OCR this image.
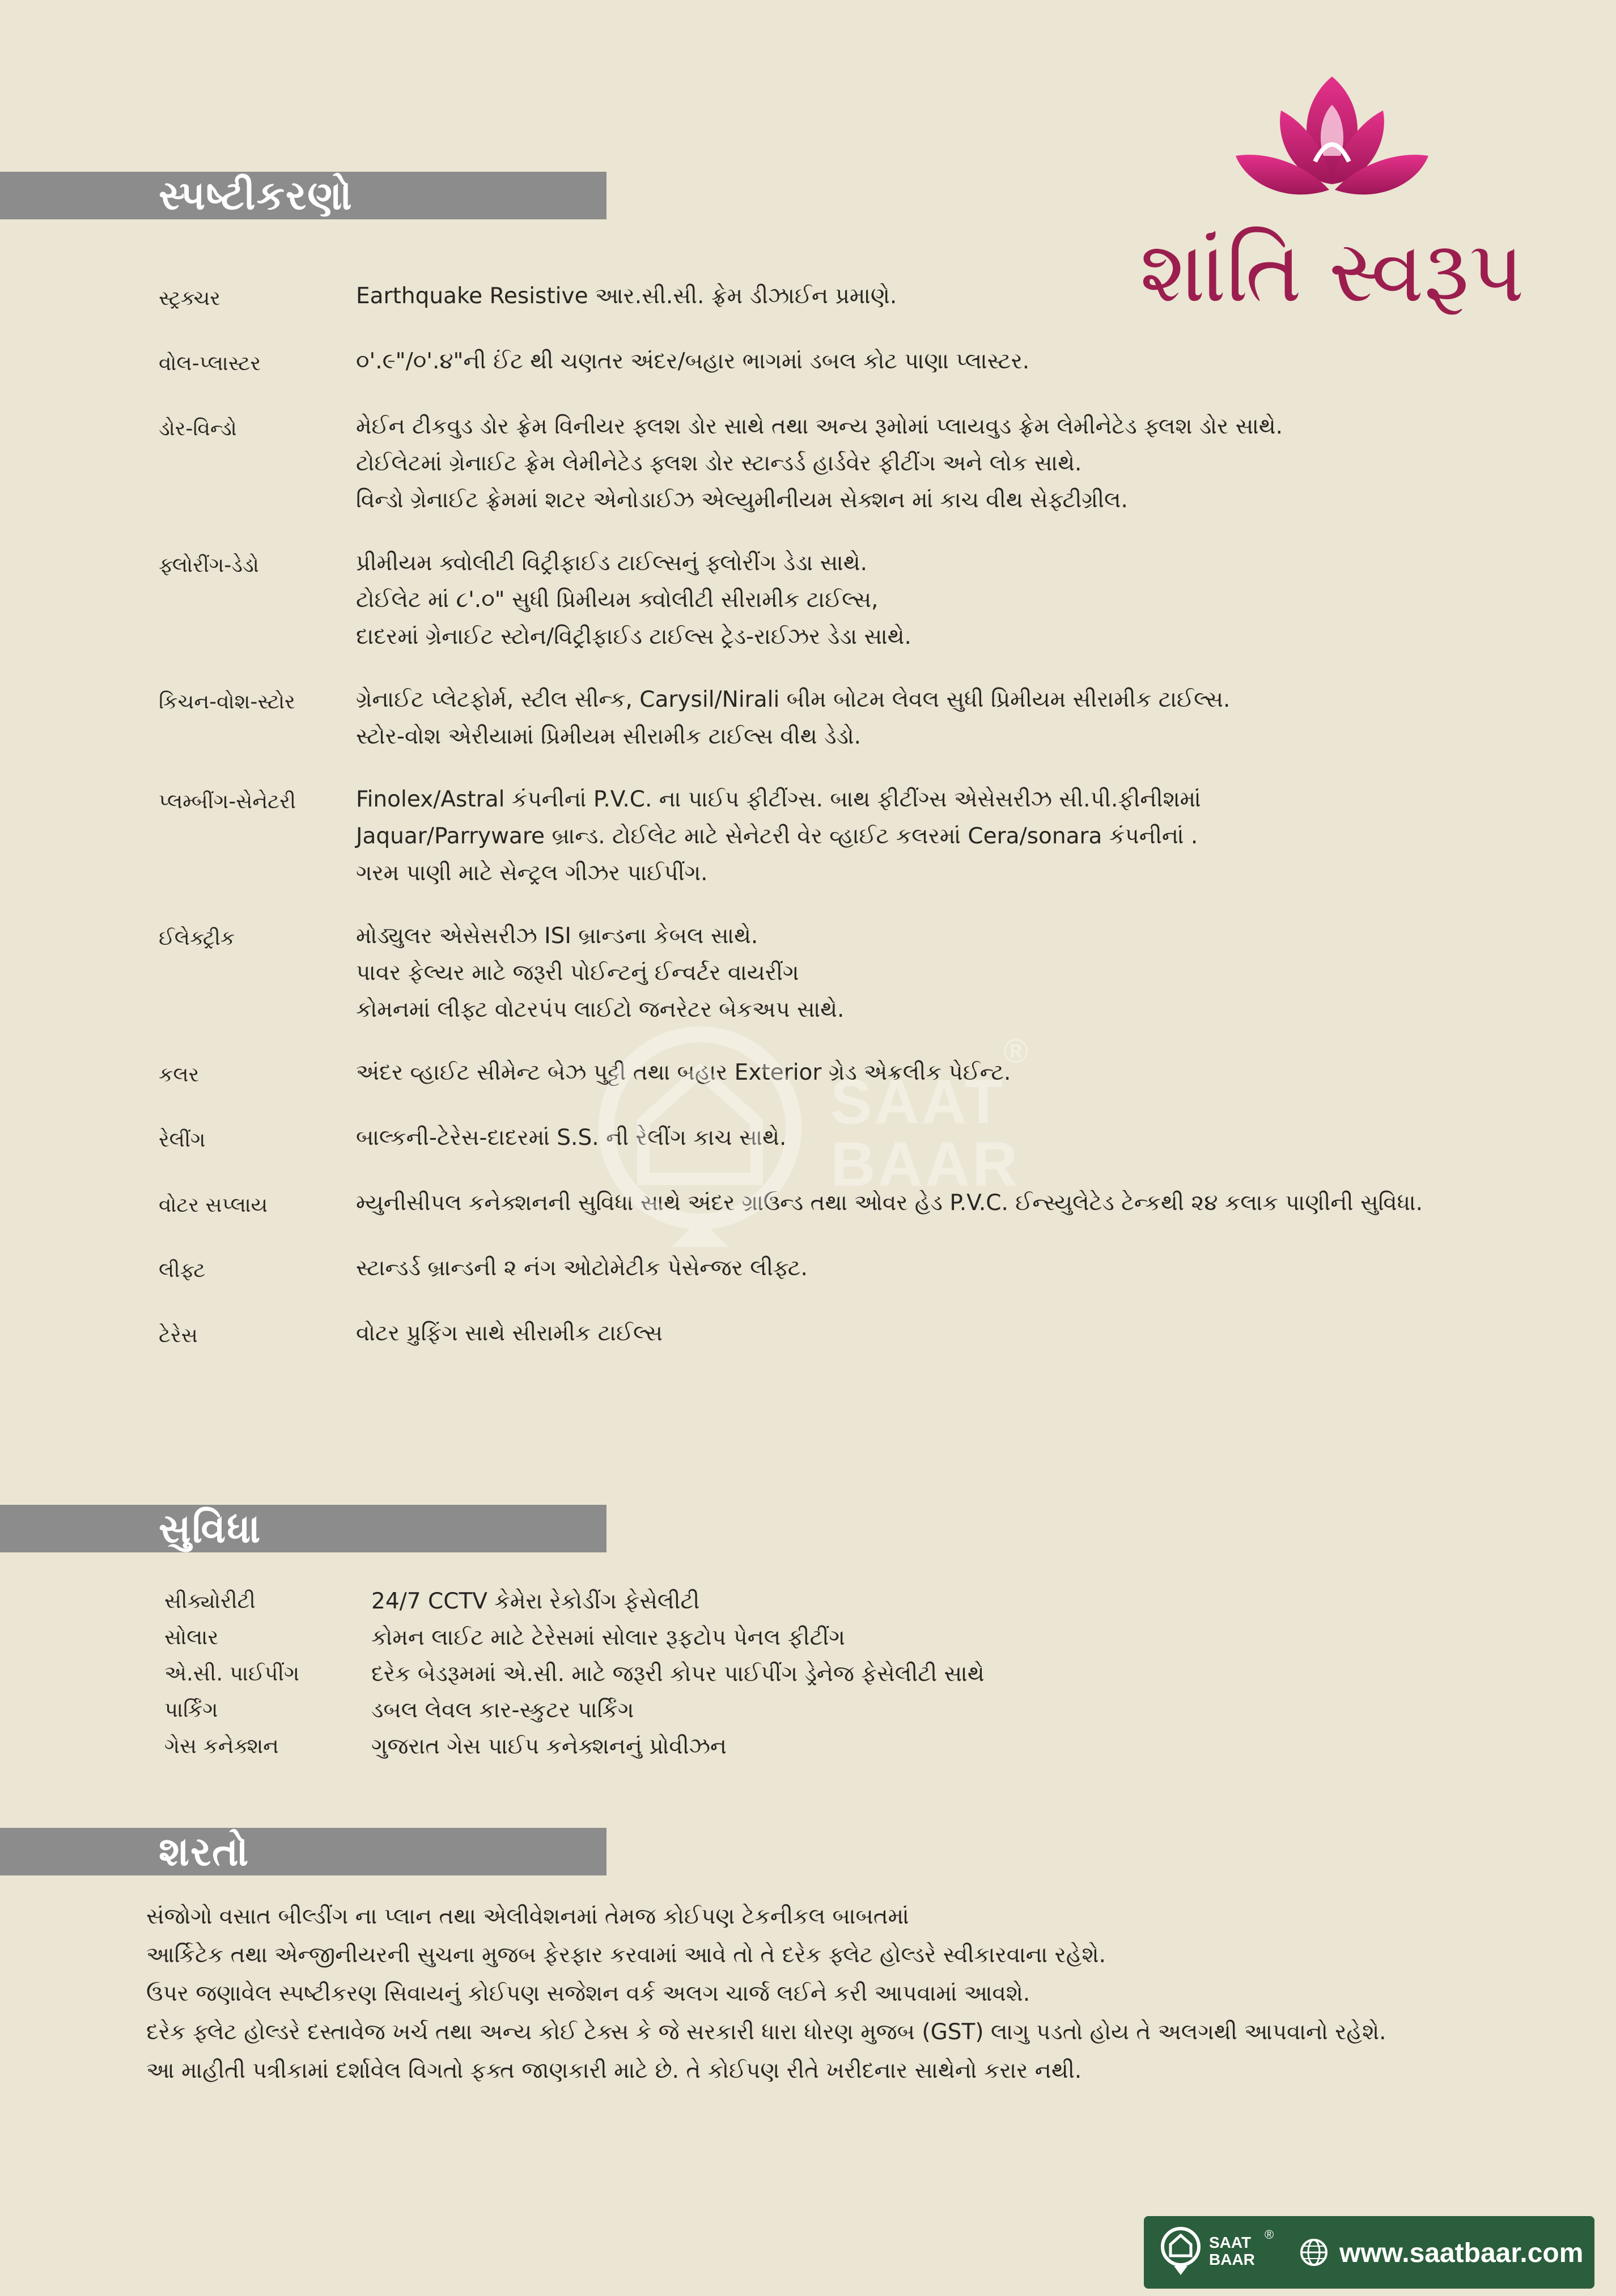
શાંતિ સ્વરૂપ
સ્પષ્ટીકરણો
સ્ટ્રક્ચર	Earthquake Resistive આર.સી.સી. ફ્રેમ ડીઝાઈન પ્રમાણે.
વોલ-પ્લાસ્ટર	૦'.૯"/૦'.૪"ની ઈંટ થી ચણતર અંદર/બહાર ભાગમાં ડબલ કોટ પાણા પ્લાસ્ટર.
ડોર-વિન્ડો	મેઈન ટીકવુડ ડોર ફ્રેમ વિનીયર ફ્લશ ડોર સાથે તથા અન્ય રૂમોમાં પ્લાયવુડ ફ્રેમ લેમીનેટેડ ફ્લશ ડોર સાથે.
ટોઈલેટમાં ગ્રેનાઈટ ફ્રેમ લેમીનેટેડ ફ્લશ ડોર સ્ટાન્ડર્ડ હાર્ડવેર ફીટીંગ અને લોક સાથે.
વિન્ડો ગ્રેનાઈટ ફ્રેમમાં શટર એનોડાઈઝ એલ્યુમીનીયમ સેક્શન માં કાચ વીથ સેફ્ટીગ્રીલ.
ફ્લોરીંગ-ડેડો	પ્રીમીયમ ક્વોલીટી વિટ્રીફાઈડ ટાઈલ્સનું ફ્લોરીંગ ડેડા સાથે.
ટોઈલેટ માં ૮'.૦" સુધી પ્રિમીયમ ક્વોલીટી સીરામીક ટાઈલ્સ,
દાદરમાં ગ્રેનાઈટ સ્ટોન/વિટ્રીફાઈડ ટાઈલ્સ ટ્રેડ-રાઈઝર ડેડા સાથે.
કિચન-વોશ-સ્ટોર	ગ્રેનાઈટ પ્લેટફોર્મ, સ્ટીલ સીન્ક, Carysil/Nirali બીમ બોટમ લેવલ સુધી પ્રિમીયમ સીરામીક ટાઈલ્સ.
સ્ટોર-વોશ એરીયામાં પ્રિમીયમ સીરામીક ટાઈલ્સ વીથ ડેડો.
પ્લમ્બીંગ-સેનેટરી	Finolex/Astral કંપનીનાં P.V.C. ના પાઈપ ફીટીંગ્સ. બાથ ફીટીંગ્સ એસેસરીઝ સી.પી.ફીનીશમાં
Jaquar/Parryware બ્રાન્ડ. ટોઈલેટ માટે સેનેટરી વેર વ્હાઈટ કલરમાં Cera/sonara કંપનીનાં .
ગરમ પાણી માટે સેન્ટ્રલ ગીઝર પાઈપીંગ.
ઈલેક્ટ્રીક	મોડ્યુલર એસેસરીઝ ISI બ્રાન્ડના કેબલ સાથે.
પાવર ફેલ્યર માટે જરૂરી પોઈન્ટનું ઈન્વર્ટર વાયરીંગ
કોમનમાં લીફ્ટ વોટરપંપ લાઈટો જનરેટર બેકઅપ સાથે.
કલર	અંદર વ્હાઈટ સીમેન્ટ બેઝ પુટ્ટી તથા બહાર Exterior ગ્રેડ એક્રલીક પેઈન્ટ.
રેલીંગ	બાલ્કની-ટેરેસ-દાદરમાં S.S. ની રેલીંગ કાચ સાથે.
વોટર સપ્લાય	મ્યુનીસીપલ કનેક્શનની સુવિધા સાથે અંદર ગ્રાઉન્ડ તથા ઓવર હેડ P.V.C. ઈન્સ્યુલેટેડ ટેન્કથી ૨૪ કલાક પાણીની સુવિધા.
લીફ્ટ	સ્ટાન્ડર્ડ બ્રાન્ડની ૨ નંગ ઓટોમેટીક પેસેન્જર લીફ્ટ.
ટેરેસ	વોટર પ્રુફિંગ સાથે સીરામીક ટાઈલ્સ
સુવિધા
સીક્યોરીટી	24/7 CCTV કેમેરા રેકોડીંગ ફેસેલીટી
સોલાર	કોમન લાઈટ માટે ટેરેસમાં સોલાર રૂફટોપ પેનલ ફીટીંગ
એ.સી. પાઈપીંગ	દરેક બેડરૂમમાં એ.સી. માટે જરૂરી કોપર પાઈપીંગ ડ્રેનેજ ફેસેલીટી સાથે
પાર્કિંગ	ડબલ લેવલ કાર-સ્કુટર પાર્કિંગ
ગેસ કનેક્શન	ગુજરાત ગેસ પાઈપ કનેક્શનનું પ્રોવીઝન
શરતો
સંજોગો વસાત બીલ્ડીંગ ના પ્લાન તથા એલીવેશનમાં તેમજ કોઈપણ ટેકનીકલ બાબતમાં
આર્કિટેક તથા એન્જીનીયરની સુચના મુજબ ફેરફાર કરવામાં આવે તો તે દરેક ફ્લેટ હોલ્ડરે સ્વીકારવાના રહેશે.
ઉપર જણાવેલ સ્પષ્ટીકરણ સિવાયનું કોઈપણ સજેશન વર્ક અલગ ચાર્જ લઈને કરી આપવામાં આવશે.
દરેક ફ્લેટ હોલ્ડરે દસ્તાવેજ ખર્ચ તથા અન્ય કોઈ ટેક્સ કે જે સરકારી ધારા ધોરણ મુજબ (GST) લાગુ પડતો હોય તે અલગથી આપવાનો રહેશે.
આ માહીતી પત્રીકામાં દર્શાવેલ વિગતો ફક્ત જાણકારી માટે છે. તે કોઈપણ રીતે ખરીદનાર સાથેનો કરાર નથી.
SAAT
BAAR
®
SAAT
BAAR
®
www.saatbaar.com
